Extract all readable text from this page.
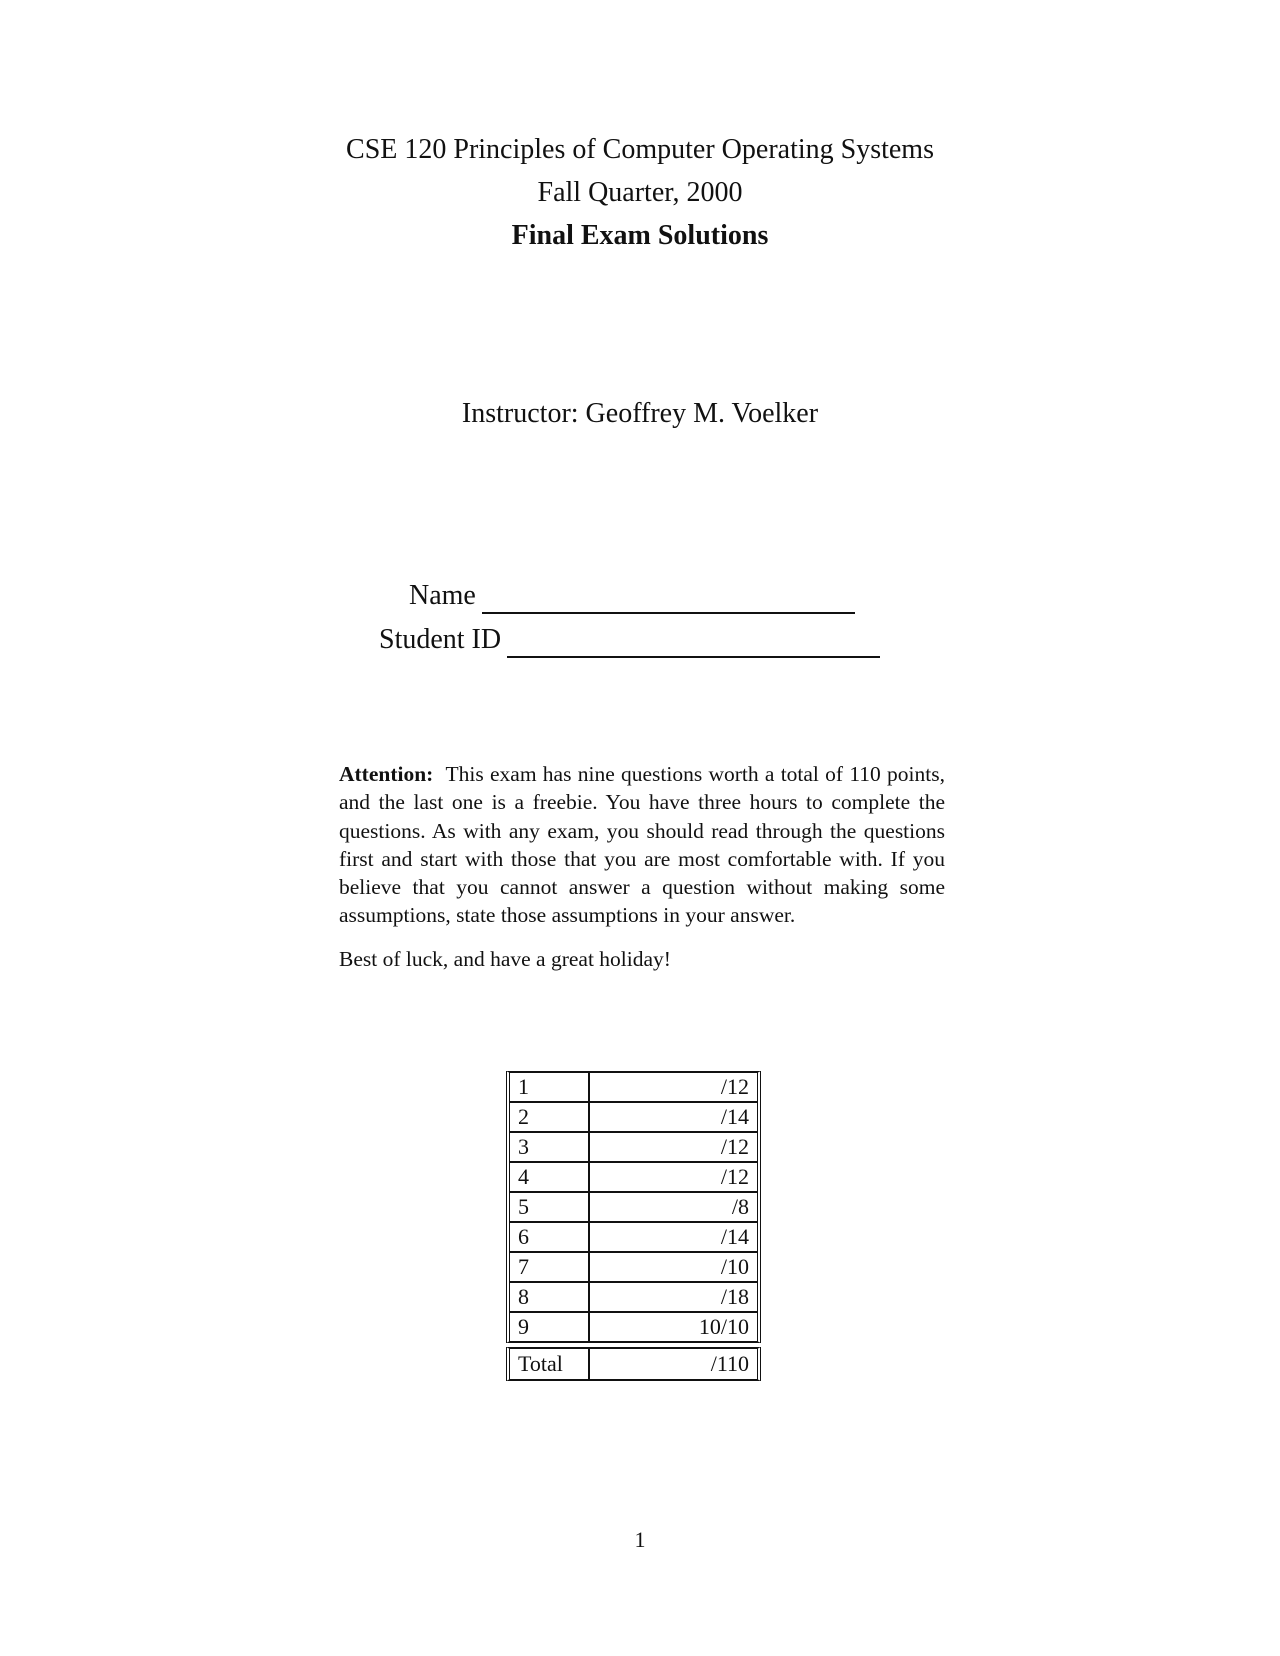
CSE 120 Principles of Computer Operating Systems
Fall Quarter, 2000
Final Exam Solutions
Instructor: Geoffrey M. Voelker
Name
Student ID
Attention: This exam has nine questions worth a total of 110 points, and the last one is a freebie. You have three hours to complete the questions. As with any exam, you should read through the questions first and start with those that you are most comfortable with. If you believe that you cannot answer a question without making some assumptions, state those assumptions in your answer.
Best of luck, and have a great holiday!
1	/12
2	/14
3	/12
4	/12
5	/8
6	/14
7	/10
8	/18
9	10/10
Total	/110
1
